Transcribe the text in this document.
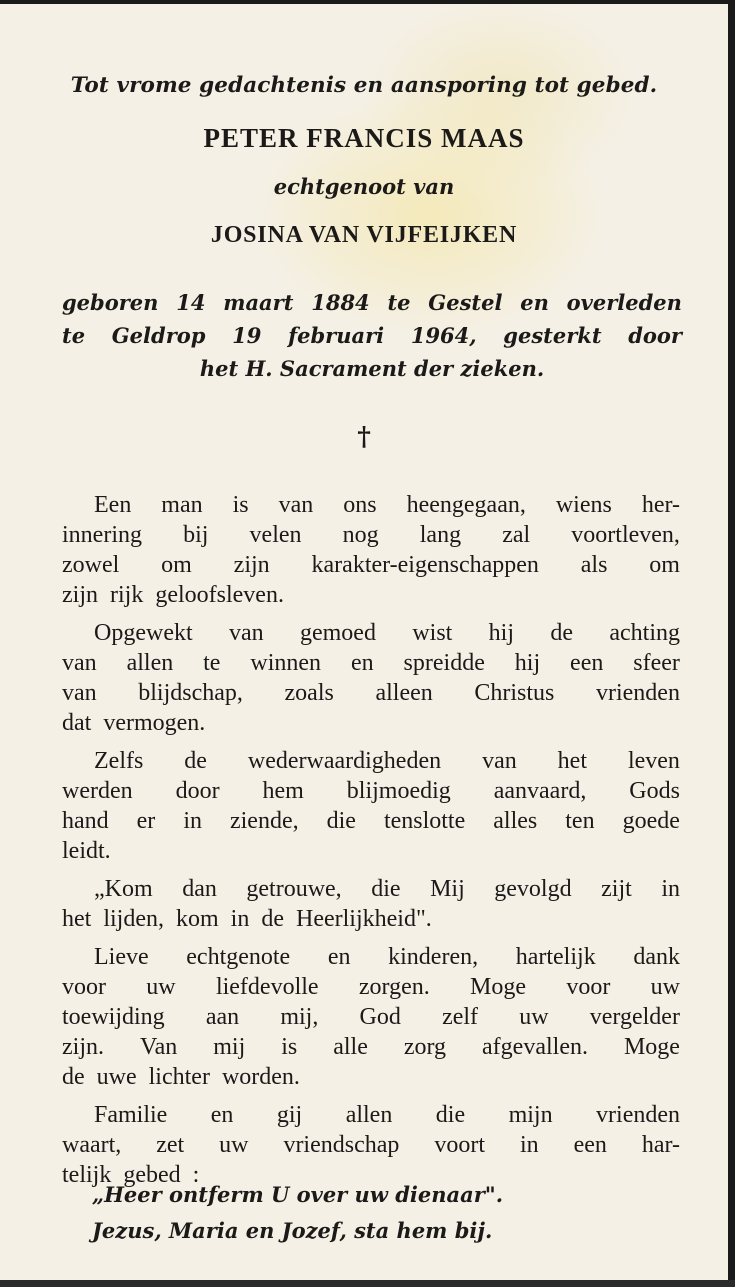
Tot vrome gedachtenis en aansporing tot gebed.

PETER FRANCIS MAAS

echtgenoot van

JOSINA VAN VIJFEIJKEN

geboren 14 maart 1884 te Gestel en overleden
te Geldrop 19 februari 1964, gesterkt door
het H. Sacrament der zieken.
†
Een man is van ons heengegaan, wiens her-
innering bij velen nog lang zal voortleven,
zowel om zijn karakter-eigenschappen als om
zijn rijk geloofsleven.
Opgewekt van gemoed wist hij de achting
van allen te winnen en spreidde hij een sfeer
van blijdschap, zoals alleen Christus vrienden
dat vermogen.
Zelfs de wederwaardigheden van het leven
werden door hem blijmoedig aanvaard, Gods
hand er in ziende, die tenslotte alles ten goede
leidt.
„Kom dan getrouwe, die Mij gevolgd zijt in
het lijden, kom in de Heerlijkheid".
Lieve echtgenote en kinderen, hartelijk dank
voor uw liefdevolle zorgen. Moge voor uw
toewijding aan mij, God zelf uw vergelder
zijn. Van mij is alle zorg afgevallen. Moge
de uwe lichter worden.
Familie en gij allen die mijn vrienden
waart, zet uw vriendschap voort in een har-
telijk gebed :

„Heer ontferm U over uw dienaar".

Jezus, Maria en Jozef, sta hem bij.
